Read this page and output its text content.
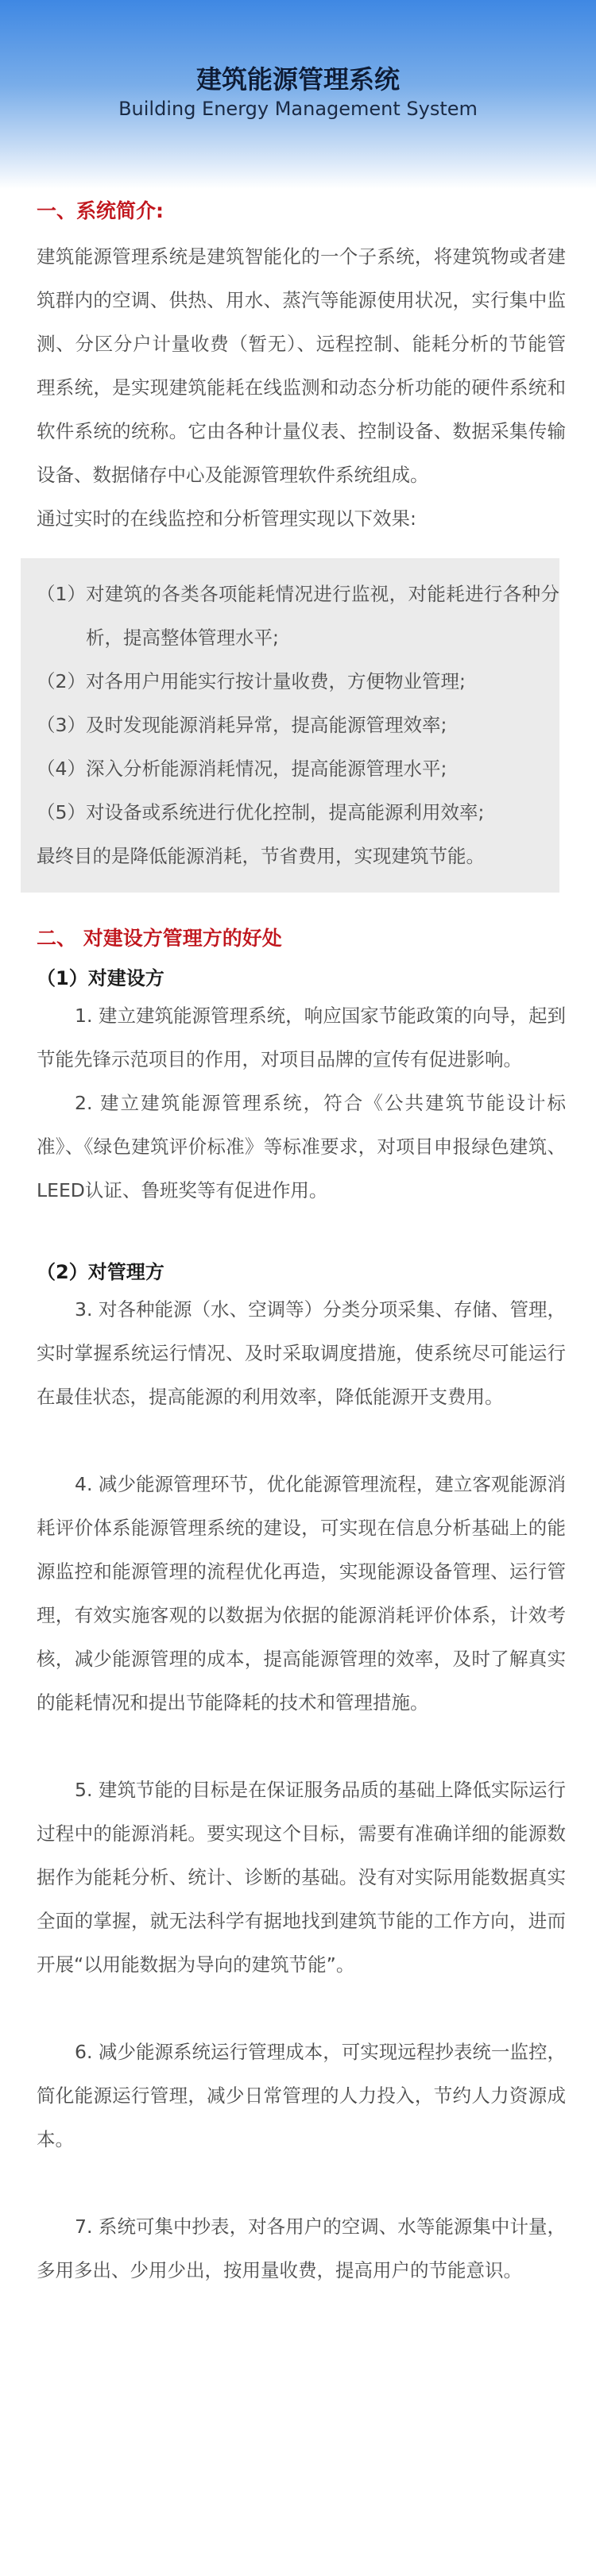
建筑能源管理系统
Building Energy Management System

一、系统简介:

建筑能源管理系统是建筑智能化的一个子系统，将建筑物或者建筑群内的空调、供热、用水、蒸汽等能源使用状况，实行集中监测、分区分户计量收费（暂无）、远程控制、能耗分析的节能管理系统，是实现建筑能耗在线监测和动态分析功能的硬件系统和软件系统的统称。它由各种计量仪表、控制设备、数据采集传输设备、数据储存中心及能源管理软件系统组成。

通过实时的在线监控和分析管理实现以下效果:

（1） 对建筑的各类各项能耗情况进行监视，对能耗进行各种分析，提高整体管理水平;
（2） 对各用户用能实行按计量收费，方便物业管理;
（3） 及时发现能源消耗异常，提高能源管理效率;
（4） 深入分析能源消耗情况，提高能源管理水平;
（5） 对设备或系统进行优化控制，提高能源利用效率;
最终目的是降低能源消耗，节省费用，实现建筑节能。

二、 对建设方管理方的好处

（1）对建设方

1. 建立建筑能源管理系统，响应国家节能政策的向导，起到节能先锋示范项目的作用，对项目品牌的宣传有促进影响。

2. 建立建筑能源管理系统，符合《公共建筑节能设计标准》、《绿色建筑评价标准》等标准要求，对项目申报绿色建筑、LEED认证、鲁班奖等有促进作用。

（2）对管理方

3. 对各种能源（水、空调等）分类分项采集、存储、管理，实时掌握系统运行情况、及时采取调度措施，使系统尽可能运行在最佳状态，提高能源的利用效率，降低能源开支费用。

4. 减少能源管理环节，优化能源管理流程，建立客观能源消耗评价体系能源管理系统的建设，可实现在信息分析基础上的能源监控和能源管理的流程优化再造，实现能源设备管理、运行管理，有效实施客观的以数据为依据的能源消耗评价体系，计效考核，减少能源管理的成本，提高能源管理的效率，及时了解真实的能耗情况和提出节能降耗的技术和管理措施。

5. 建筑节能的目标是在保证服务品质的基础上降低实际运行过程中的能源消耗。要实现这个目标，需要有准确详细的能源数据作为能耗分析、统计、诊断的基础。没有对实际用能数据真实全面的掌握，就无法科学有据地找到建筑节能的工作方向，进而开展“以用能数据为导向的建筑节能”。

6. 减少能源系统运行管理成本，可实现远程抄表统一监控，简化能源运行管理，减少日常管理的人力投入，节约人力资源成本。

7. 系统可集中抄表，对各用户的空调、水等能源集中计量，多用多出、少用少出，按用量收费，提高用户的节能意识。
